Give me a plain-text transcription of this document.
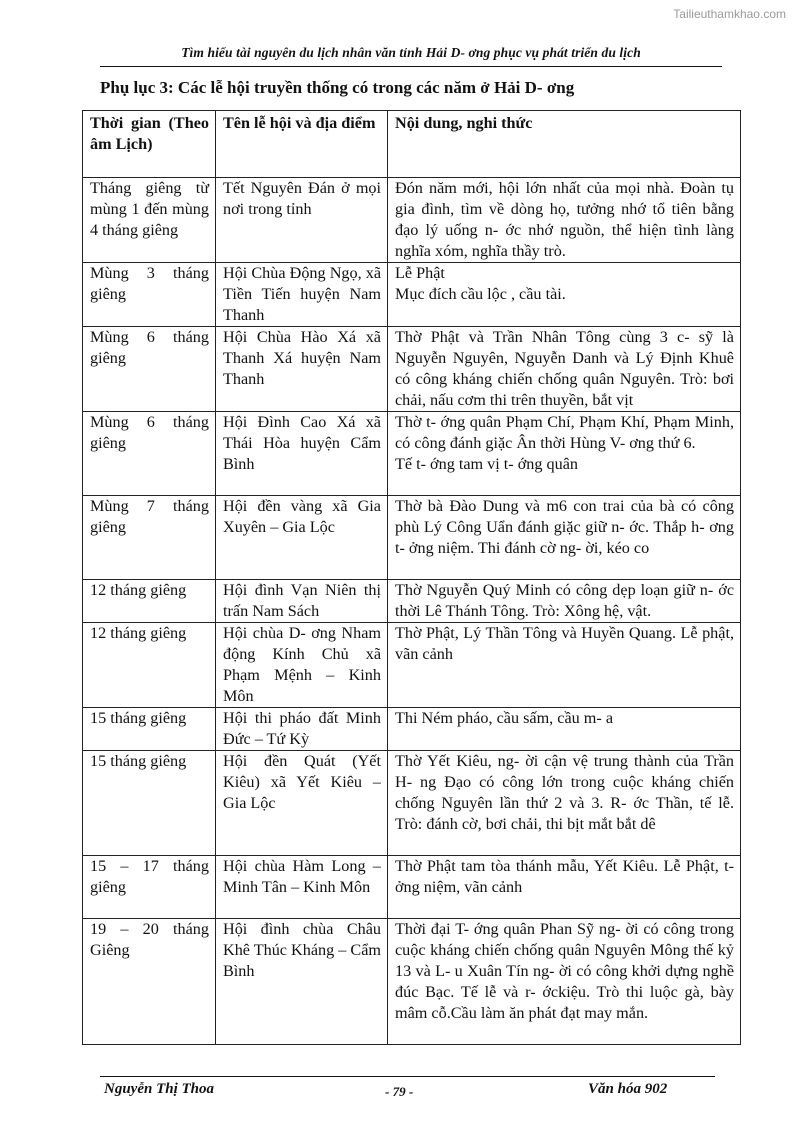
Tailieuthamkhao.com
Tìm hiểu tài nguyên du lịch nhân văn tỉnh Hải D- ơng phục vụ phát triển du lịch
Phụ lục 3: Các lễ hội truyền thống có trong các năm ở Hải D- ơng
Thời gian (Theo âm Lịch)	Tên lễ hội và địa điểm	Nội dung, nghi thức
Tháng giêng từ mùng 1 đến mùng 4 tháng giêng	Tết Nguyên Đán ở mọi nơi trong tỉnh	Đón năm mới, hội lớn nhất của mọi nhà. Đoàn tụ gia đình, tìm về dòng họ, tưởng nhớ tổ tiên bằng đạo lý uống n- ớc nhớ nguồn, thể hiện tình làng nghĩa xóm, nghĩa thầy trò.

Mùng 3 tháng giêng	Hội Chùa Động Ngọ, xã Tiền Tiến huyện Nam Thanh	Lễ Phật
Mục đích cầu lộc , cầu tài.

Mùng 6 tháng giêng	Hội Chùa Hào Xá xã Thanh Xá huyện Nam Thanh	Thờ Phật và Trần Nhân Tông cùng 3 c- sỹ là Nguyễn Nguyên, Nguyễn Danh và Lý Định Khuê có công kháng chiến chống quân Nguyên. Trò: bơi chải, nấu cơm thi trên thuyền, bắt vịt

Mùng 6 tháng giêng	Hội Đình Cao Xá xã Thái Hòa huyện Cẩm Bình	Thờ t- ớng quân Phạm Chí, Phạm Khí, Phạm Minh, có công đánh giặc Ân thời Hùng V- ơng thứ 6.
Tế t- ớng tam vị t- ớng quân

Mùng 7 tháng giêng	Hội đền vàng xã Gia Xuyên – Gia Lộc	Thờ bà Đào Dung và m6 con trai của bà có công phù Lý Công Uẩn đánh giặc giữ n- ớc. Thắp h- ơng t- ởng niệm. Thi đánh cờ ng- ời, kéo co

12 tháng giêng	Hội đình Vạn Niên thị trấn Nam Sách	Thờ Nguyễn Quý Minh có công dẹp loạn giữ n- ớc thời Lê Thánh Tông. Trò: Xông hệ, vật.

12 tháng giêng	Hội chùa D- ơng Nham động Kính Chủ xã Phạm Mệnh – Kinh Môn	Thờ Phật, Lý Thần Tông và Huyền Quang. Lễ phật, vãn cảnh

15 tháng giêng	Hội thi pháo đất Minh Đức – Tứ Kỳ	Thi Ném pháo, cầu sấm, cầu m- a

15 tháng giêng	Hội đền Quát (Yết Kiêu) xã Yết Kiêu – Gia Lộc	Thờ Yết Kiêu, ng- ời cận vệ trung thành của Trần H- ng Đạo có công lớn trong cuộc kháng chiến chống Nguyên lần thứ 2 và 3. R- ớc Thần, tế lễ. Trò: đánh cờ, bơi chải, thi bịt mắt bắt dê

15 – 17 tháng giêng	Hội chùa Hàm Long – Minh Tân – Kinh Môn	Thờ Phật tam tòa thánh mẫu, Yết Kiêu. Lễ Phật, t- ởng niệm, vãn cảnh

19 – 20 tháng Giêng	Hội đình chùa Châu Khê Thúc Kháng – Cẩm Bình	Thời đại T- ớng quân Phan Sỹ ng- ời có công trong cuộc kháng chiến chống quân Nguyên Mông thế kỷ 13 và L- u Xuân Tín ng- ời có công khởi dựng nghề đúc Bạc. Tế lễ và r- ớckiệu. Trò thi luộc gà, bày mâm cỗ.Cầu làm ăn phát đạt may mắn.
Nguyễn Thị Thoa	- 79 -	Văn hóa 902
